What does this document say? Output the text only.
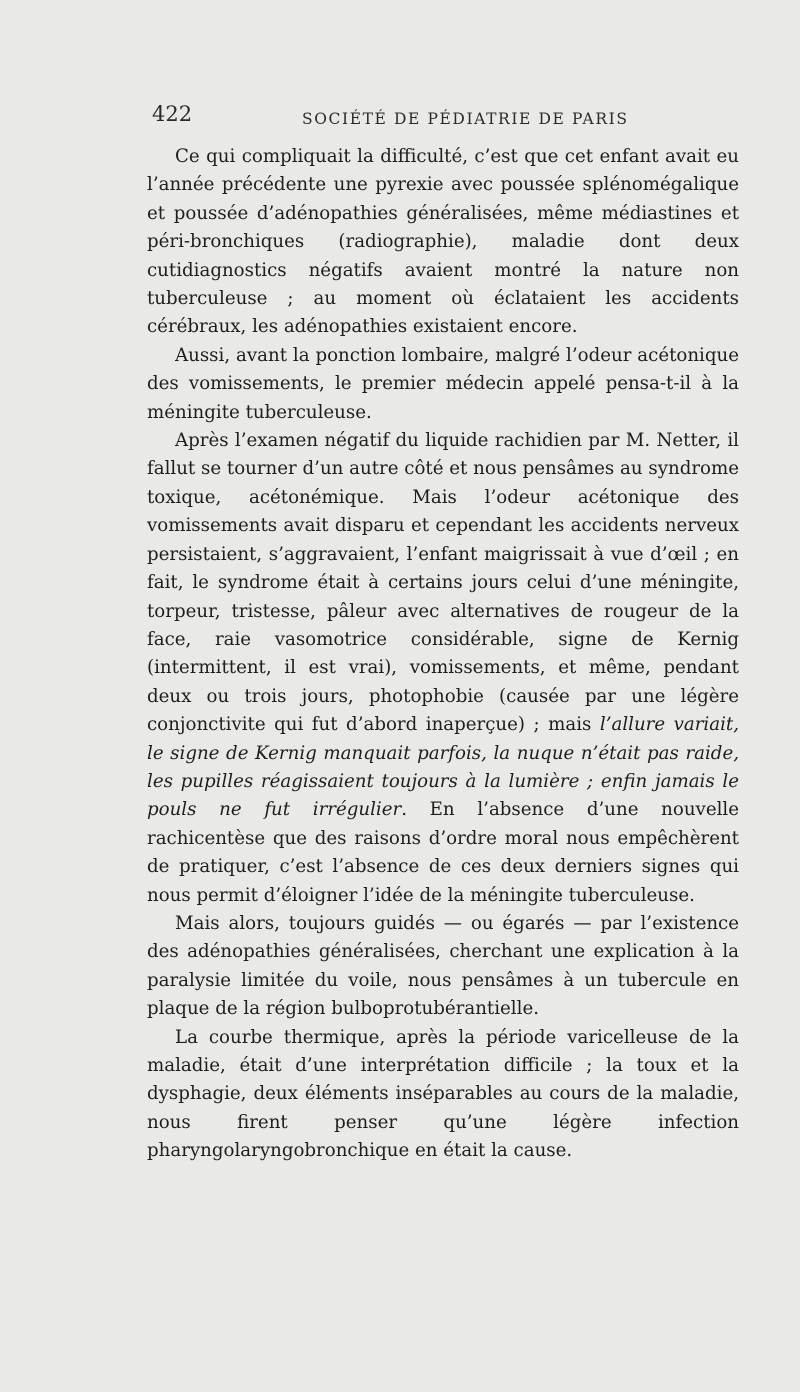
422	SOCIÉTÉ DE PÉDIATRIE DE PARIS

Ce qui compliquait la difficulté, c’est que cet enfant avait eu l’année précédente une pyrexie avec poussée splénomégalique et poussée d’adénopathies généralisées, même médiastines et péri-bronchiques (radiographie), maladie dont deux cutidiagnostics négatifs avaient montré la nature non tuberculeuse ; au moment où éclataient les accidents cérébraux, les adénopathies existaient encore.

Aussi, avant la ponction lombaire, malgré l’odeur acétonique des vomissements, le premier médecin appelé pensa-t-il à la méningite tuberculeuse.

Après l’examen négatif du liquide rachidien par M. Netter, il fallut se tourner d’un autre côté et nous pensâmes au syndrome toxique, acétonémique. Mais l’odeur acétonique des vomissements avait disparu et cependant les accidents nerveux persistaient, s’aggravaient, l’enfant maigrissait à vue d’œil ; en fait, le syndrome était à certains jours celui d’une méningite, torpeur, tristesse, pâleur avec alternatives de rougeur de la face, raie vasomotrice considérable, signe de Kernig (intermittent, il est vrai), vomissements, et même, pendant deux ou trois jours, photophobie (causée par une légère conjonctivite qui fut d’abord inaperçue) ; mais l’allure variait, le signe de Kernig manquait parfois, la nuque n’était pas raide, les pupilles réagissaient toujours à la lumière ; enfin jamais le pouls ne fut irrégulier. En l’absence d’une nouvelle rachicentèse que des raisons d’ordre moral nous empêchèrent de pratiquer, c’est l’absence de ces deux derniers signes qui nous permit d’éloigner l’idée de la méningite tuberculeuse.

Mais alors, toujours guidés — ou égarés — par l’existence des adénopathies généralisées, cherchant une explication à la paralysie limitée du voile, nous pensâmes à un tubercule en plaque de la région bulboprotubérantielle.

La courbe thermique, après la période varicelleuse de la maladie, était d’une interprétation difficile ; la toux et la dysphagie, deux éléments inséparables au cours de la maladie, nous firent penser qu’une légère infection pharyngolaryngobronchique en était la cause.
